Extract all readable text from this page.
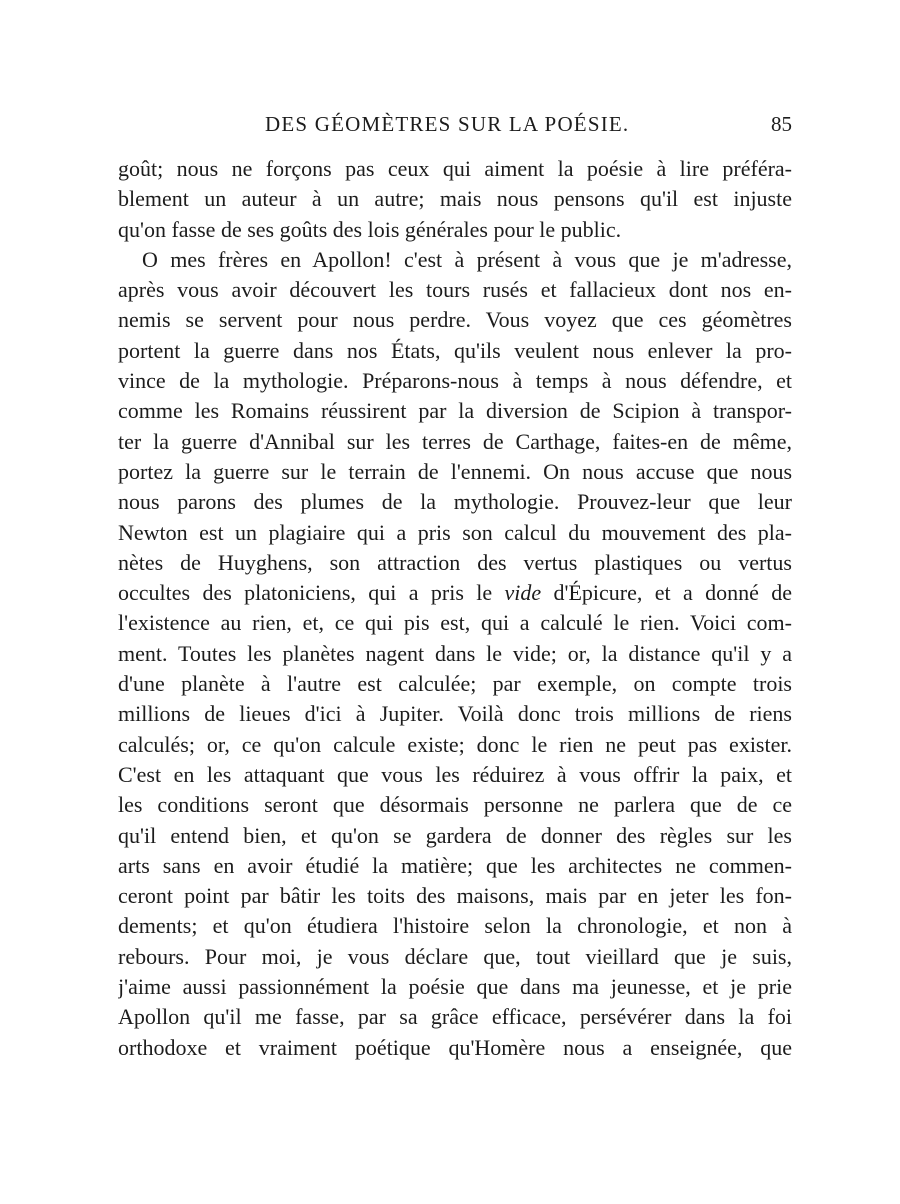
DES GÉOMÈTRES SUR LA POÉSIE.	85
goût; nous ne forçons pas ceux qui aiment la poésie à lire préféra-
blement un auteur à un autre; mais nous pensons qu'il est injuste
qu'on fasse de ses goûts des lois générales pour le public.
O mes frères en Apollon! c'est à présent à vous que je m'adresse,
après vous avoir découvert les tours rusés et fallacieux dont nos en-
nemis se servent pour nous perdre. Vous voyez que ces géomètres
portent la guerre dans nos États, qu'ils veulent nous enlever la pro-
vince de la mythologie. Préparons-nous à temps à nous défendre, et
comme les Romains réussirent par la diversion de Scipion à transpor-
ter la guerre d'Annibal sur les terres de Carthage, faites-en de même,
portez la guerre sur le terrain de l'ennemi. On nous accuse que nous
nous parons des plumes de la mythologie. Prouvez-leur que leur
Newton est un plagiaire qui a pris son calcul du mouvement des pla-
nètes de Huyghens, son attraction des vertus plastiques ou vertus
occultes des platoniciens, qui a pris le vide d'Épicure, et a donné de
l'existence au rien, et, ce qui pis est, qui a calculé le rien. Voici com-
ment. Toutes les planètes nagent dans le vide; or, la distance qu'il y a
d'une planète à l'autre est calculée; par exemple, on compte trois
millions de lieues d'ici à Jupiter. Voilà donc trois millions de riens
calculés; or, ce qu'on calcule existe; donc le rien ne peut pas exister.
C'est en les attaquant que vous les réduirez à vous offrir la paix, et
les conditions seront que désormais personne ne parlera que de ce
qu'il entend bien, et qu'on se gardera de donner des règles sur les
arts sans en avoir étudié la matière; que les architectes ne commen-
ceront point par bâtir les toits des maisons, mais par en jeter les fon-
dements; et qu'on étudiera l'histoire selon la chronologie, et non à
rebours. Pour moi, je vous déclare que, tout vieillard que je suis,
j'aime aussi passionnément la poésie que dans ma jeunesse, et je prie
Apollon qu'il me fasse, par sa grâce efficace, persévérer dans la foi
orthodoxe et vraiment poétique qu'Homère nous a enseignée, que
